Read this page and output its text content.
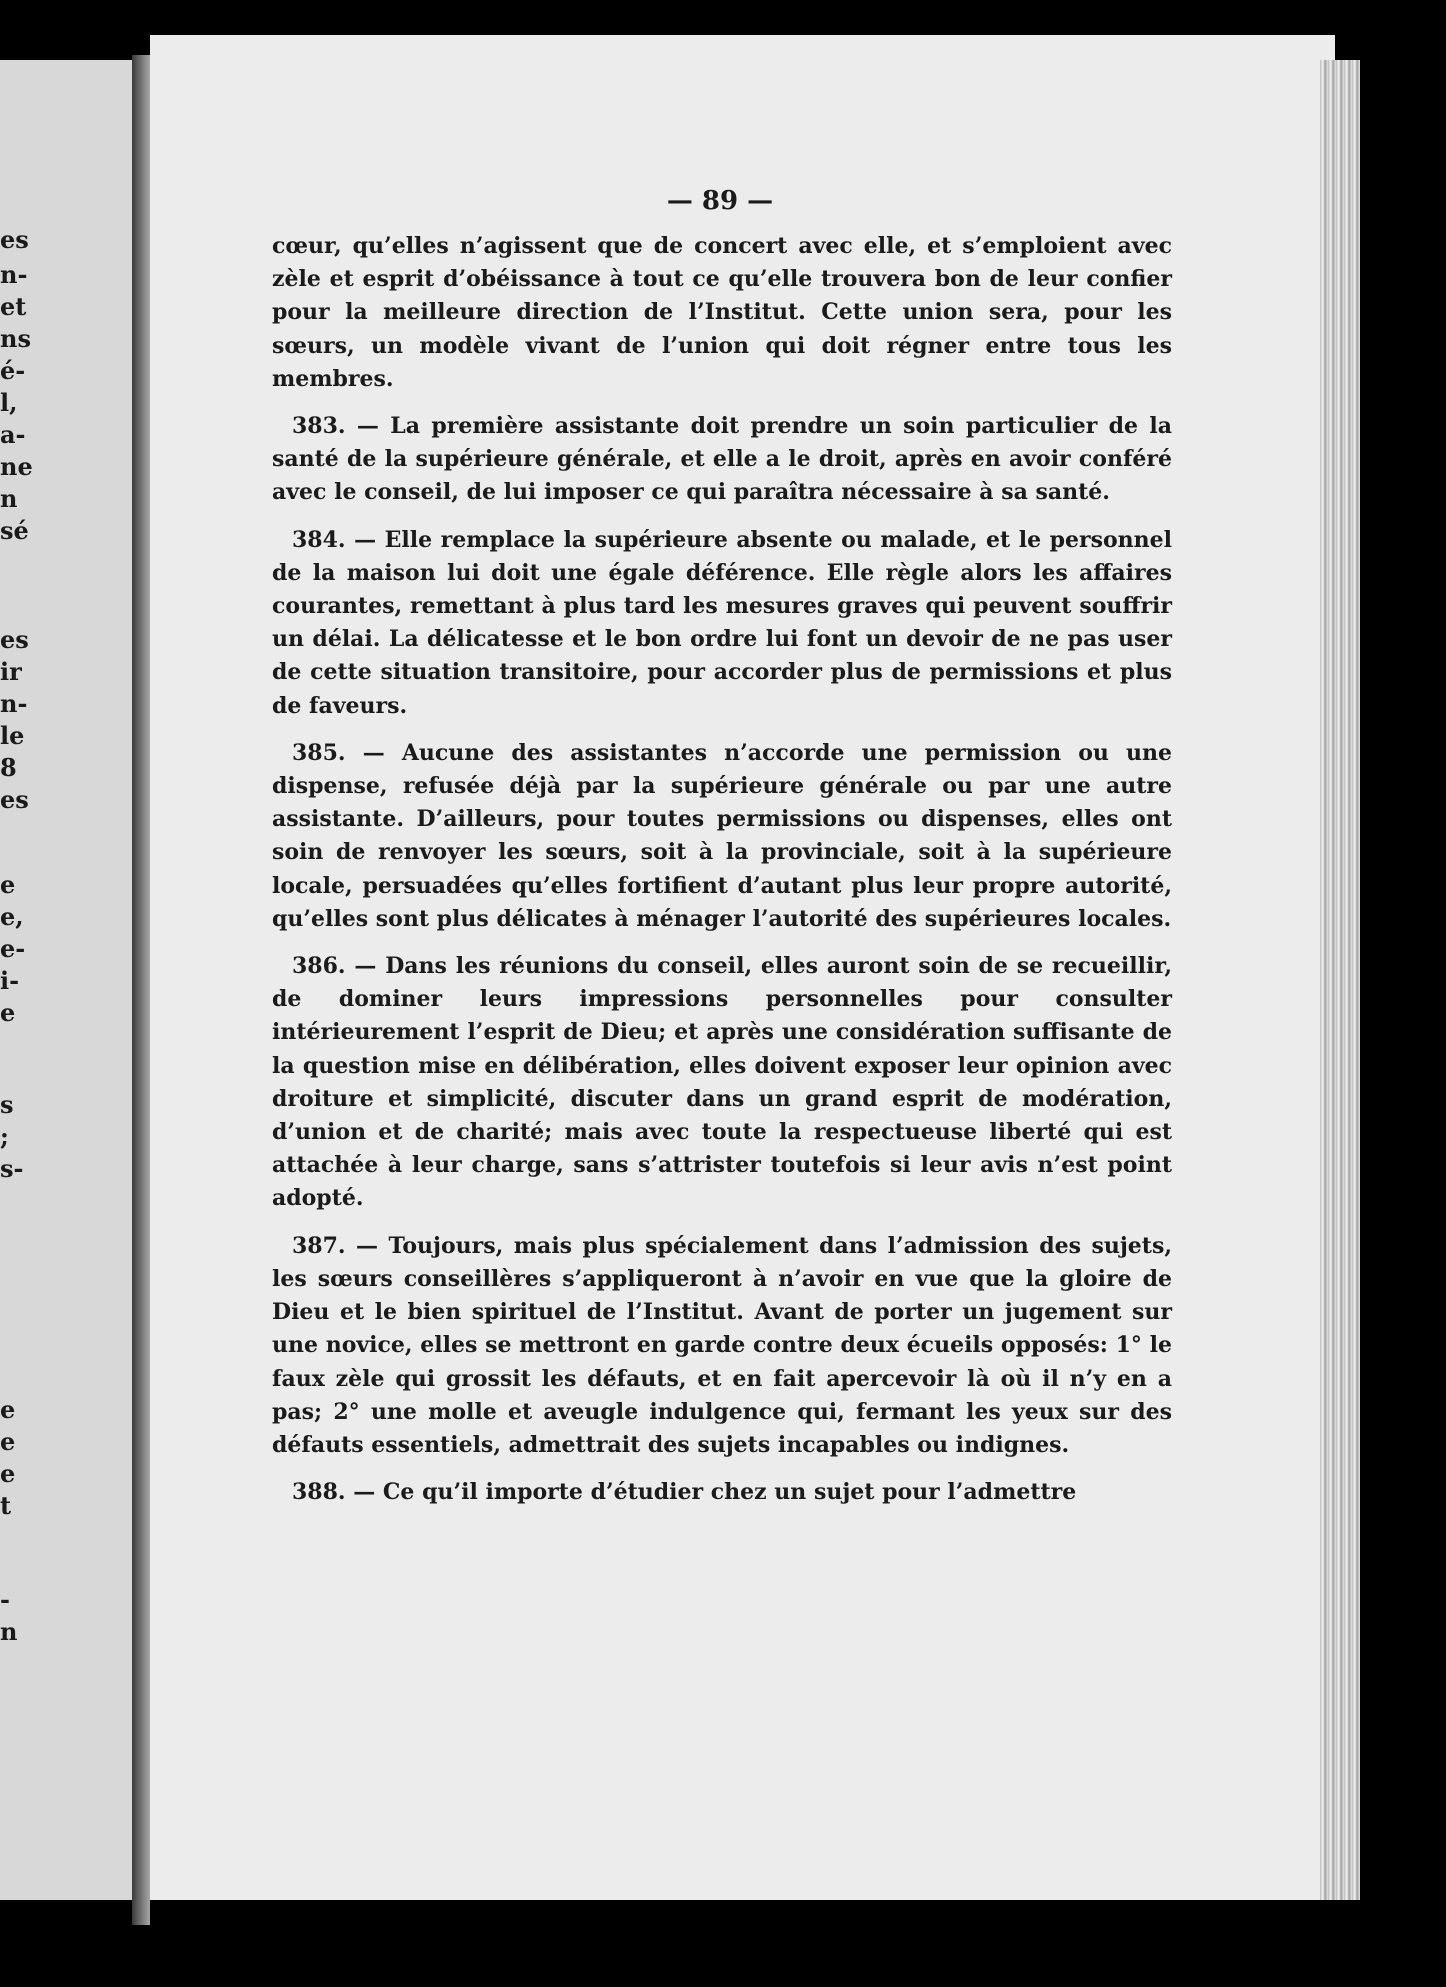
es
n-
et
ns
é-
l,
a-
ne
n
sé
es
ir
n-
le
8
es
e
e,
e-
i-
e
s
;
s-
e
e
e
t
-
n
— 89 —

cœur, qu’elles n’agissent que de concert avec elle, et s’emploient avec zèle et esprit d’obéissance à tout ce qu’elle trouvera bon de leur confier pour la meilleure direction de l’Institut. Cette union sera, pour les sœurs, un modèle vivant de l’union qui doit régner entre tous les membres.

383. — La première assistante doit prendre un soin particulier de la santé de la supérieure générale, et elle a le droit, après en avoir conféré avec le conseil, de lui imposer ce qui paraîtra nécessaire à sa santé.

384. — Elle remplace la supérieure absente ou malade, et le personnel de la maison lui doit une égale déférence. Elle règle alors les affaires courantes, remettant à plus tard les mesures graves qui peuvent souffrir un délai. La délicatesse et le bon ordre lui font un devoir de ne pas user de cette situation transitoire, pour accorder plus de permissions et plus de faveurs.

385. — Aucune des assistantes n’accorde une permission ou une dispense, refusée déjà par la supérieure générale ou par une autre assistante. D’ailleurs, pour toutes permissions ou dispenses, elles ont soin de renvoyer les sœurs, soit à la provinciale, soit à la supérieure locale, persuadées qu’elles fortifient d’autant plus leur propre autorité, qu’elles sont plus délicates à ménager l’autorité des supérieures locales.

386. — Dans les réunions du conseil, elles auront soin de se recueillir, de dominer leurs impressions personnelles pour consulter intérieurement l’esprit de Dieu; et après une considération suffisante de la question mise en délibération, elles doivent exposer leur opinion avec droiture et simplicité, discuter dans un grand esprit de modération, d’union et de charité; mais avec toute la respectueuse liberté qui est attachée à leur charge, sans s’attrister toutefois si leur avis n’est point adopté.

387. — Toujours, mais plus spécialement dans l’admission des sujets, les sœurs conseillères s’appliqueront à n’avoir en vue que la gloire de Dieu et le bien spirituel de l’Institut. Avant de porter un jugement sur une novice, elles se mettront en garde contre deux écueils opposés: 1° le faux zèle qui grossit les défauts, et en fait apercevoir là où il n’y en a pas; 2° une molle et aveugle indulgence qui, fermant les yeux sur des défauts essentiels, admettrait des sujets incapables ou indignes.

388. — Ce qu’il importe d’étudier chez un sujet pour l’admettre
